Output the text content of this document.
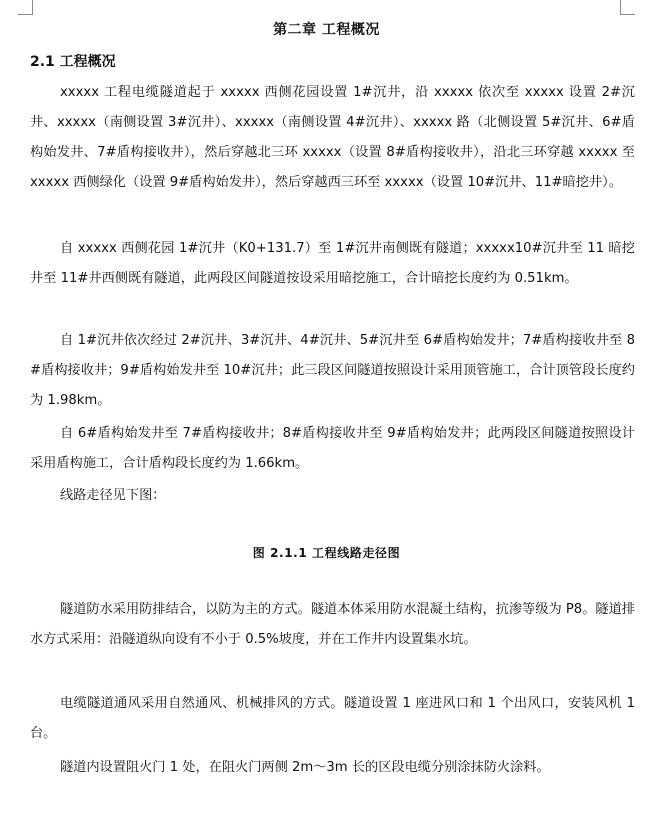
第二章 工程概况
2.1 工程概况

xxxxx 工程电缆隧道起于 xxxxx 西侧花园设置 1#沉井，沿 xxxxx 依次至 xxxxx 设置 2#沉井、xxxxx（南侧设置 3#沉井）、xxxxx（南侧设置 4#沉井）、xxxxx 路（北侧设置 5#沉井、6#盾构始发井、7#盾构接收井），然后穿越北三环 xxxxx（设置 8#盾构接收井），沿北三环穿越 xxxxx 至 xxxxx 西侧绿化（设置 9#盾构始发井），然后穿越西三环至 xxxxx（设置 10#沉井、11#暗挖井）。

自 xxxxx 西侧花园 1#沉井（K0+131.7）至 1#沉井南侧既有隧道；xxxxx10#沉井至 11 暗挖井至 11#井西侧既有隧道，此两段区间隧道按设采用暗挖施工，合计暗挖长度约为 0.51km。

自 1#沉井依次经过 2#沉井、3#沉井、4#沉井、5#沉井至 6#盾构始发井；7#盾构接收井至 8#盾构接收井；9#盾构始发井至 10#沉井；此三段区间隧道按照设计采用顶管施工，合计顶管段长度约为 1.98km。

自 6#盾构始发井至 7#盾构接收井；8#盾构接收井至 9#盾构始发井；此两段区间隧道按照设计采用盾构施工，合计盾构段长度约为 1.66km。

线路走径见下图：

图 2.1.1 工程线路走径图

隧道防水采用防排结合，以防为主的方式。隧道本体采用防水混凝土结构，抗渗等级为 P8。隧道排水方式采用：沿隧道纵向设有不小于 0.5%坡度，并在工作井内设置集水坑。

电缆隧道通风采用自然通风、机械排风的方式。隧道设置 1 座进风口和 1 个出风口，安装风机 1 台。

隧道内设置阻火门 1 处，在阻火门两侧 2m～3m 长的区段电缆分别涂抹防火涂料。
